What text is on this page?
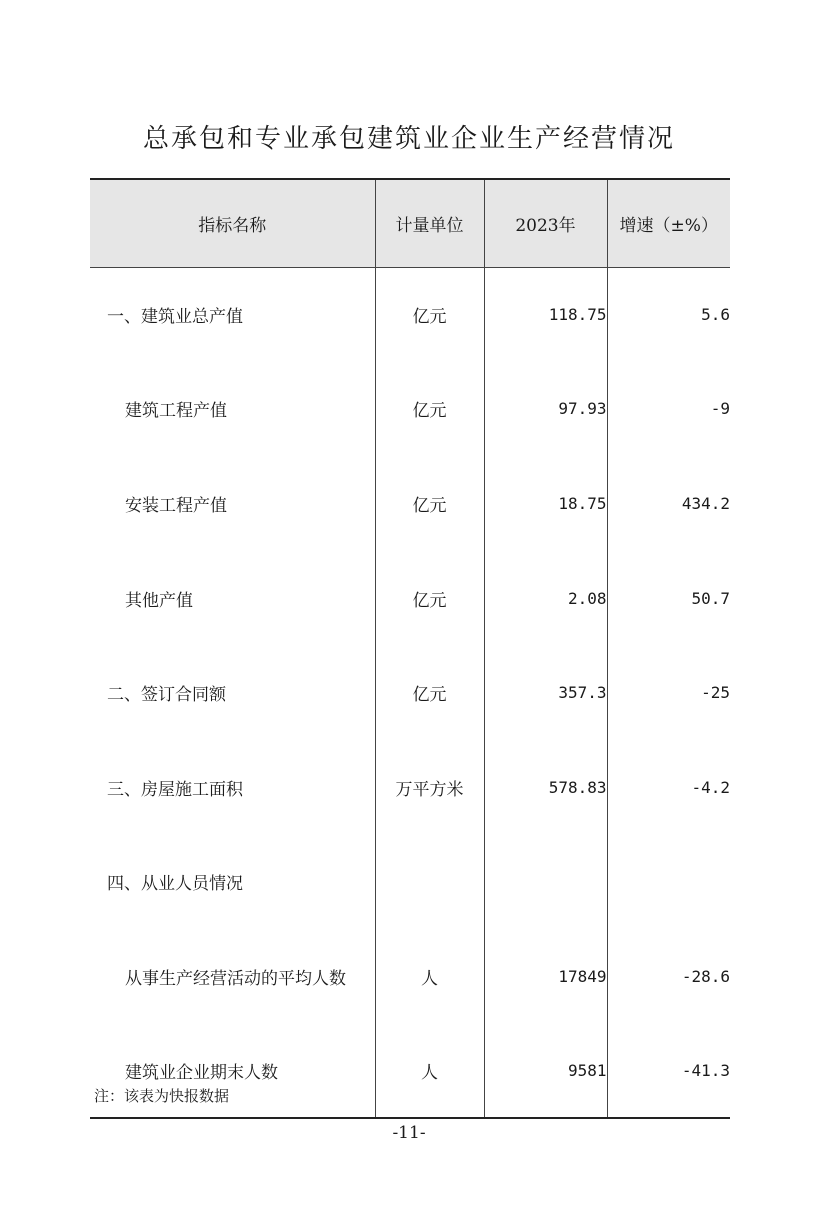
总承包和专业承包建筑业企业生产经营情况
指标名称	计量单位	2023年	增速（±%）
一、建筑业总产值	亿元	118.75	5.6
建筑工程产值	亿元	97.93	-9
安装工程产值	亿元	18.75	434.2
其他产值	亿元	2.08	50.7
二、签订合同额	亿元	357.3	-25
三、房屋施工面积	万平方米	578.83	-4.2
四、从业人员情况			
从事生产经营活动的平均人数	人	17849	-28.6
建筑业企业期末人数	人	9581	-41.3
注：该表为快报数据
-11-
